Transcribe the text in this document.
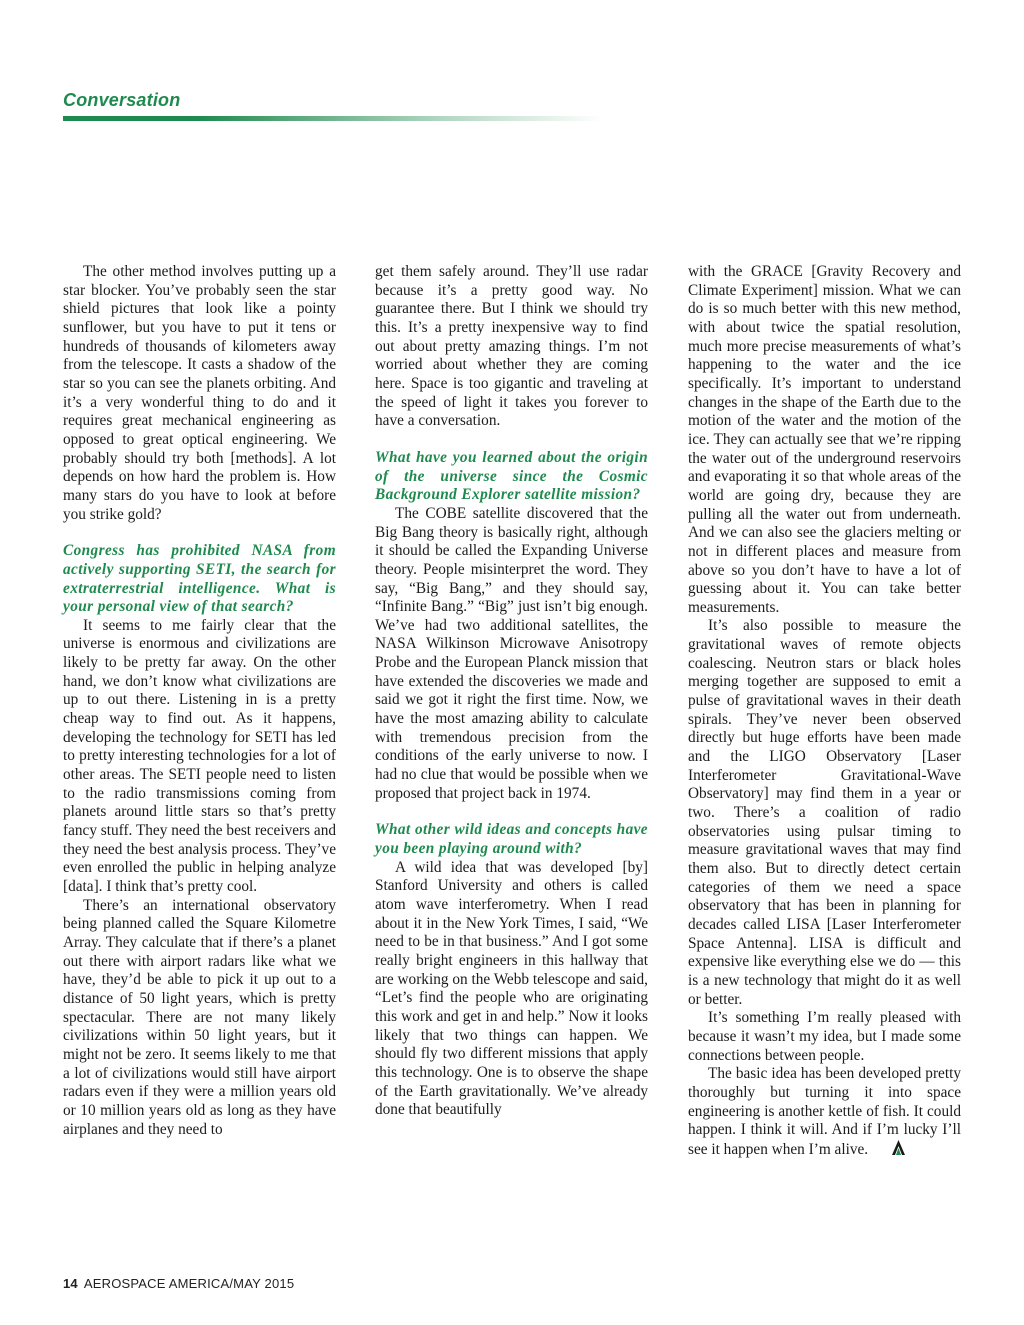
Conversation

The other method involves putting up a star blocker. You’ve probably seen the star shield pictures that look like a pointy sunflower, but you have to put it tens or hundreds of thousands of kilometers away from the telescope. It casts a shadow of the star so you can see the planets orbiting. And it’s a very wonderful thing to do and it requires great mechanical engineering as opposed to great optical engineering. We probably should try both [methods]. A lot depends on how hard the problem is. How many stars do you have to look at before you strike gold?

Congress has prohibited NASA from actively supporting SETI, the search for extraterrestrial intelligence. What is your personal view of that search?

It seems to me fairly clear that the universe is enormous and civilizations are likely to be pretty far away. On the other hand, we don’t know what civilizations are up to out there. Listening in is a pretty cheap way to find out. As it happens, developing the technology for SETI has led to pretty interesting technologies for a lot of other areas. The SETI people need to listen to the radio transmissions coming from planets around little stars so that’s pretty fancy stuff. They need the best receivers and they need the best analysis process. They’ve even enrolled the public in helping analyze [data]. I think that’s pretty cool.

There’s an international observatory being planned called the Square Kilometre Array. They calculate that if there’s a planet out there with airport radars like what we have, they’d be able to pick it up out to a distance of 50 light years, which is pretty spectacular. There are not many likely civilizations within 50 light years, but it might not be zero. It seems likely to me that a lot of civilizations would still have airport radars even if they were a million years old or 10 million years old as long as they have airplanes and they need to

get them safely around. They’ll use radar because it’s a pretty good way. No guarantee there. But I think we should try this. It’s a pretty inexpensive way to find out about pretty amazing things. I’m not worried about whether they are coming here. Space is too gigantic and traveling at the speed of light it takes you forever to have a conversation.

What have you learned about the origin of the universe since the Cosmic Background Explorer satellite mission?

The COBE satellite discovered that the Big Bang theory is basically right, although it should be called the Expanding Universe theory. People misinterpret the word. They say, “Big Bang,” and they should say, “Infinite Bang.” “Big” just isn’t big enough. We’ve had two additional satellites, the NASA Wilkinson Microwave Anisotropy Probe and the European Planck mission that have extended the discoveries we made and said we got it right the first time. Now, we have the most amazing ability to calculate with tremendous precision from the conditions of the early universe to now. I had no clue that would be possible when we proposed that project back in 1974.

What other wild ideas and concepts have you been playing around with?

A wild idea that was developed [by] Stanford University and others is called atom wave interferometry. When I read about it in the New York Times, I said, “We need to be in that business.” And I got some really bright engineers in this hallway that are working on the Webb telescope and said, “Let’s find the people who are originating this work and get in and help.” Now it looks likely that two things can happen. We should fly two different missions that apply this technology. One is to observe the shape of the Earth gravitationally. We’ve already done that beautifully

with the GRACE [Gravity Recovery and Climate Experiment] mission. What we can do is so much better with this new method, with about twice the spatial resolution, much more precise measurements of what’s happening to the water and the ice specifically. It’s important to understand changes in the shape of the Earth due to the motion of the water and the motion of the ice. They can actually see that we’re ripping the water out of the underground reservoirs and evaporating it so that whole areas of the world are going dry, because they are pulling all the water out from underneath. And we can also see the glaciers melting or not in different places and measure from above so you don’t have to have a lot of guessing about it. You can take better measurements.

It’s also possible to measure the gravitational waves of remote objects coalescing. Neutron stars or black holes merging together are supposed to emit a pulse of gravitational waves in their death spirals. They’ve never been observed directly but huge efforts have been made and the LIGO Observatory [Laser Interferometer Gravitational-Wave Observatory] may find them in a year or two. There’s a coalition of radio observatories using pulsar timing to measure gravitational waves that may find them also. But to directly detect certain categories of them we need a space observatory that has been in planning for decades called LISA [Laser Interferometer Space Antenna]. LISA is difficult and expensive like everything else we do — this is a new technology that might do it as well or better.

It’s something I’m really pleased with because it wasn’t my idea, but I made some connections between people.

The basic idea has been developed pretty thoroughly but turning it into space engineering is another kettle of fish. It could happen. I think it will. And if I’m lucky I’ll see it happen when I’m alive.

14 AEROSPACE AMERICA/MAY 2015
